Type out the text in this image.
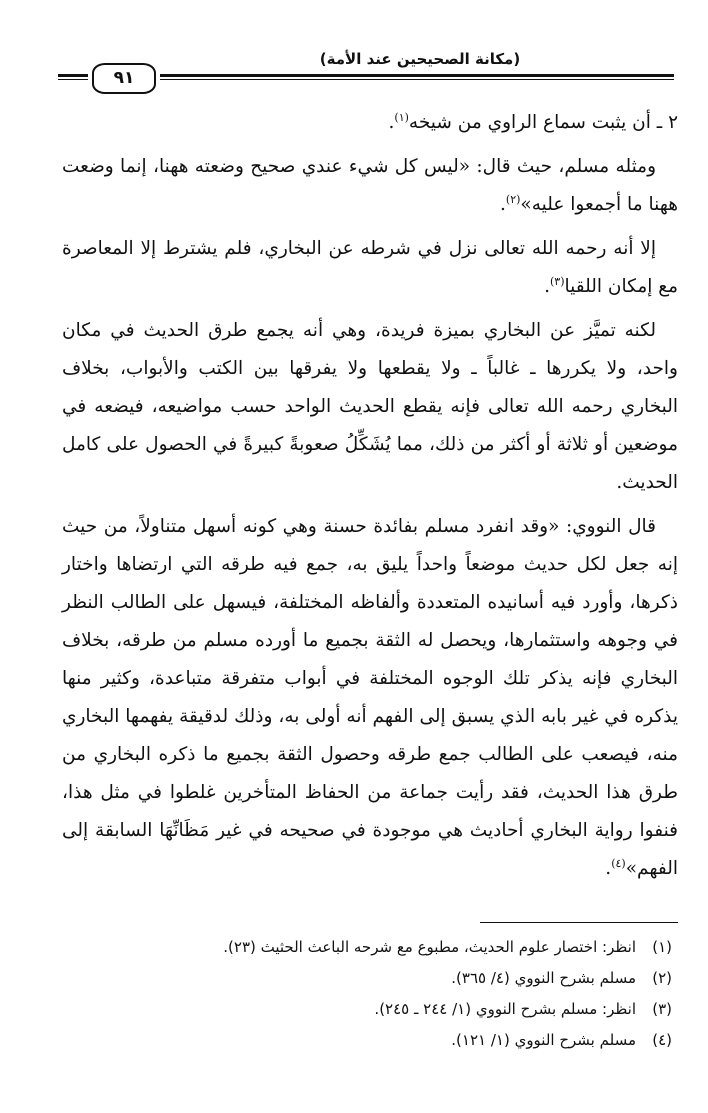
(مكانة الصحيحين عند الأمة)
٩١

٢ ـ أن يثبت سماع الراوي من شيخه$^{(١)}$.

ومثله مسلم، حيث قال: «ليس كل شيء عندي صحيح وضعته ههنا، إنما وضعت ههنا ما أجمعوا عليه»$^{(٢)}$.

إلا أنه رحمه الله تعالى نزل في شرطه عن البخاري، فلم يشترط إلا المعاصرة مع إمكان اللقيا$^{(٣)}$.

لكنه تميَّز عن البخاري بميزة فريدة، وهي أنه يجمع طرق الحديث في مكان واحد، ولا يكررها ـ غالباً ـ ولا يقطعها ولا يفرقها بين الكتب والأبواب، بخلاف البخاري رحمه الله تعالى فإنه يقطع الحديث الواحد حسب مواضيعه، فيضعه في موضعين أو ثلاثة أو أكثر من ذلك، مما يُشَكِّلُ صعوبةً كبيرةً في الحصول على كامل الحديث.

قال النووي: «وقد انفرد مسلم بفائدة حسنة وهي كونه أسهل متناولاً، من حيث إنه جعل لكل حديث موضعاً واحداً يليق به، جمع فيه طرقه التي ارتضاها واختار ذكرها، وأورد فيه أسانيده المتعددة وألفاظه المختلفة، فيسهل على الطالب النظر في وجوهه واستثمارها، ويحصل له الثقة بجميع ما أورده مسلم من طرقه، بخلاف البخاري فإنه يذكر تلك الوجوه المختلفة في أبواب متفرقة متباعدة، وكثير منها يذكره في غير بابه الذي يسبق إلى الفهم أنه أولى به، وذلك لدقيقة يفهمها البخاري منه، فيصعب على الطالب جمع طرقه وحصول الثقة بجميع ما ذكره البخاري من طرق هذا الحديث، فقد رأيت جماعة من الحفاظ المتأخرين غلطوا في مثل هذا، فنفوا رواية البخاري أحاديث هي موجودة في صحيحه في غير مَظَانِّهَا السابقة إلى الفهم»$^{(٤)}$.

(١)
انظر: اختصار علوم الحديث، مطبوع مع شرحه الباعث الحثيث (٢٣).
(٢)
مسلم بشرح النووي (٤/ ٣٦٥).
(٣)
انظر: مسلم بشرح النووي (١/ ٢٤٤ ـ ٢٤٥).
(٤)
مسلم بشرح النووي (١/ ١٢١).
